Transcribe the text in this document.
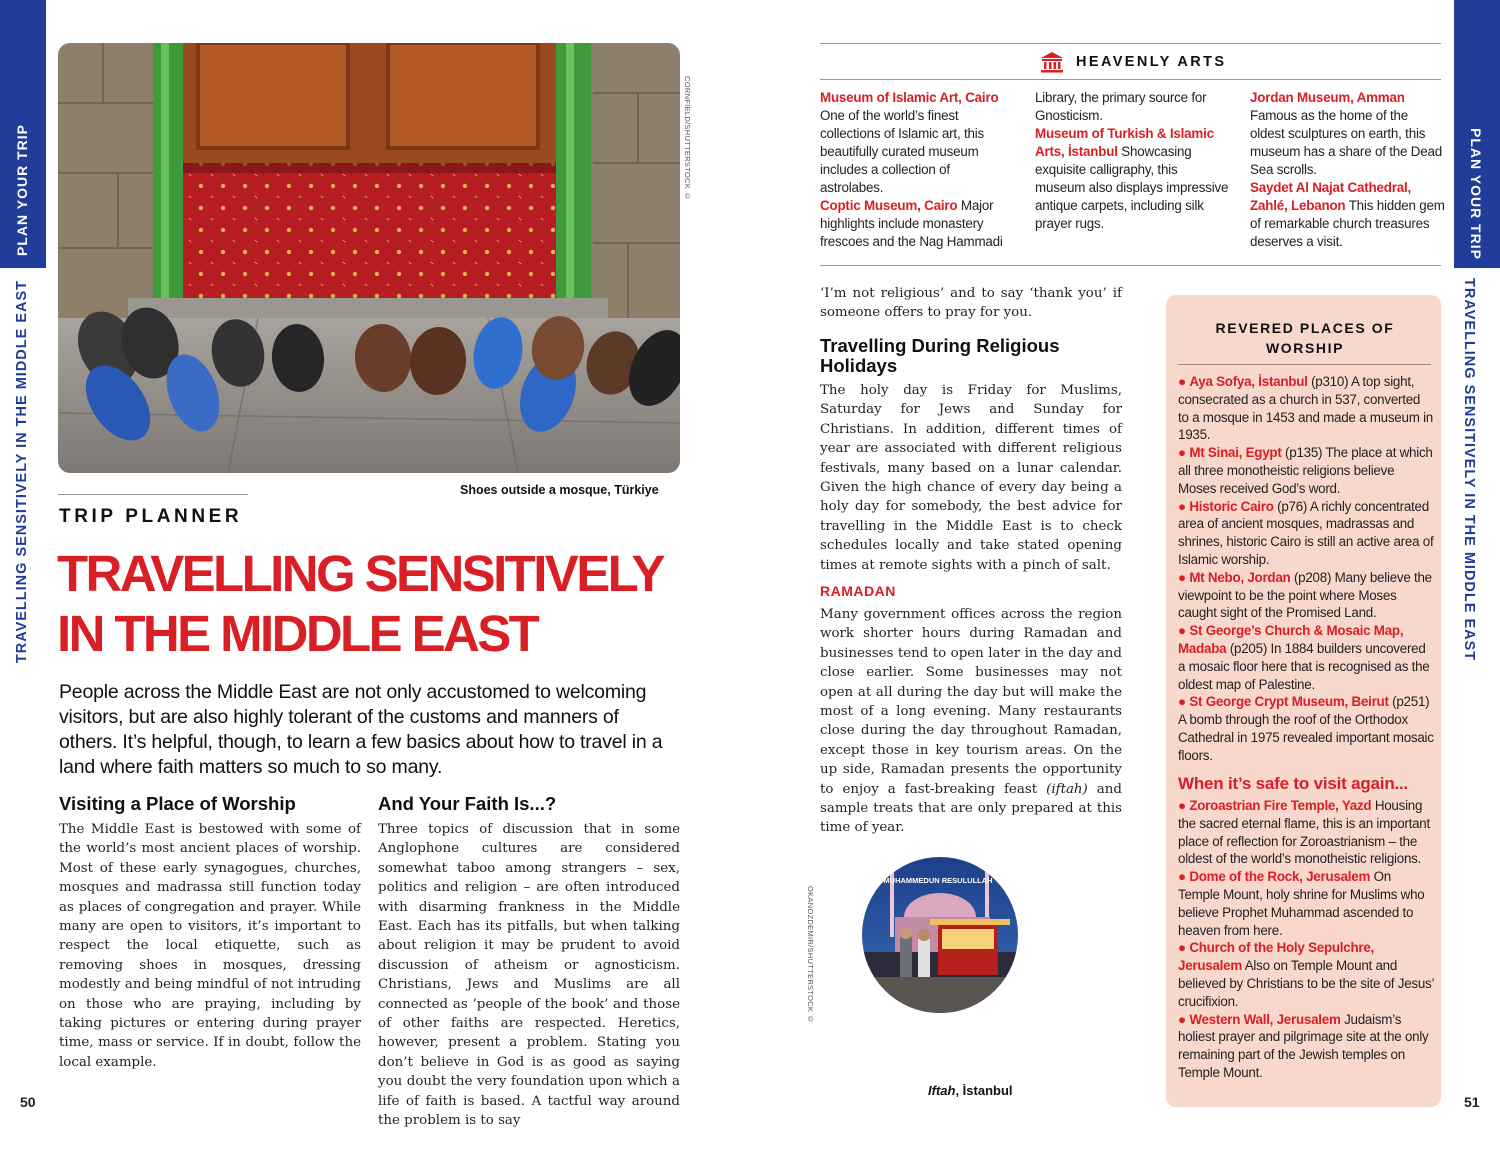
PLAN YOUR TRIP
TRAVELLING SENSITIVELY IN THE MIDDLE EAST
50
PLAN YOUR TRIP
TRAVELLING SENSITIVELY IN THE MIDDLE EAST
51
CORNFIELD/SHUTTERSTOCK ©
Shoes outside a mosque, Türkiye
TRIP PLANNER
TRAVELLING SENSITIVELY
IN THE MIDDLE EAST
People across the Middle East are not only accustomed to welcoming visitors, but are also highly tolerant of the customs and manners of others. It’s helpful, though, to learn a few basics about how to travel in a land where faith matters so much to so many.
Visiting a Place of Worship
The Middle East is bestowed with some of the world’s most ancient places of worship. Most of these early synagogues, churches, mosques and madrassa still function today as places of congregation and prayer. While many are open to visitors, it’s important to respect the local etiquette, such as removing shoes in mosques, dressing modestly and being mindful of not intruding on those who are praying, including by taking pictures or entering during prayer time, mass or service. If in doubt, follow the local example.
And Your Faith Is...?
Three topics of discussion that in some Anglophone cultures are considered somewhat taboo among strangers – sex, politics and religion – are often introduced with disarming frankness in the Middle East. Each has its pitfalls, but when talking about religion it may be prudent to avoid discussion of atheism or agnosticism. Christians, Jews and Muslims are all connected as ‘people of the book’ and those of other faiths are respected. Heretics, however, present a problem. Stating you don’t believe in God is as good as saying you doubt the very foundation upon which a life of faith is based. A tactful way around the problem is to say
HEAVENLY ARTS
Museum of Islamic Art, Cairo One of the world’s finest collections of Islamic art, this beautifully curated museum includes a collection of astrolabes.
Coptic Museum, Cairo Major highlights include monastery frescoes and the Nag Hammadi
Library, the primary source for Gnosticism.
Museum of Turkish & Islamic Arts, İstanbul Showcasing exquisite calligraphy, this museum also displays impressive antique carpets, including silk prayer rugs.
Jordan Museum, Amman Famous as the home of the oldest sculptures on earth, this museum has a share of the Dead Sea scrolls.
Saydet Al Najat Cathedral, Zahlé, Lebanon This hidden gem of remarkable church treasures deserves a visit.
‘I’m not religious’ and to say ‘thank you’ if someone offers to pray for you.
Travelling During Religious Holidays
The holy day is Friday for Muslims, Saturday for Jews and Sunday for Christians. In addition, different times of year are associated with different religious festivals, many based on a lunar calendar. Given the high chance of every day being a holy day for somebody, the best advice for travelling in the Middle East is to check schedules locally and take stated opening times at remote sights with a pinch of salt.
RAMADAN
Many government offices across the region work shorter hours during Ramadan and businesses tend to open later in the day and close earlier. Some businesses may not open at all during the day but will make the most of a long evening. Many restaurants close during the day throughout Ramadan, except those in key tourism areas. On the up side, Ramadan presents the opportunity to enjoy a fast-breaking feast (iftah) and sample treats that are only prepared at this time of year.
MUHAMMEDUN RESULULLAH
OKANOZDEMIR/SHUTTERSTOCK ©
Iftah, İstanbul
REVERED PLACES OF WORSHIP
● Aya Sofya, İstanbul (p310) A top sight, consecrated as a church in 537, converted to a mosque in 1453 and made a museum in 1935.
● Mt Sinai, Egypt (p135) The place at which all three monotheistic religions believe Moses received God’s word.
● Historic Cairo (p76) A richly concentrated area of ancient mosques, madrassas and shrines, historic Cairo is still an active area of Islamic worship.
● Mt Nebo, Jordan (p208) Many believe the viewpoint to be the point where Moses caught sight of the Promised Land.
● St George’s Church & Mosaic Map, Madaba (p205) In 1884 builders uncovered a mosaic floor here that is recognised as the oldest map of Palestine.
● St George Crypt Museum, Beirut (p251) A bomb through the roof of the Orthodox Cathedral in 1975 revealed important mosaic floors.
When it’s safe to visit again...
● Zoroastrian Fire Temple, Yazd Housing the sacred eternal flame, this is an important place of reflection for Zoroastrianism – the oldest of the world’s monotheistic religions.
● Dome of the Rock, Jerusalem On Temple Mount, holy shrine for Muslims who believe Prophet Muhammad ascended to heaven from here.
● Church of the Holy Sepulchre, Jerusalem Also on Temple Mount and believed by Christians to be the site of Jesus’ crucifixion.
● Western Wall, Jerusalem Judaism’s holiest prayer and pilgrimage site at the only remaining part of the Jewish temples on Temple Mount.
